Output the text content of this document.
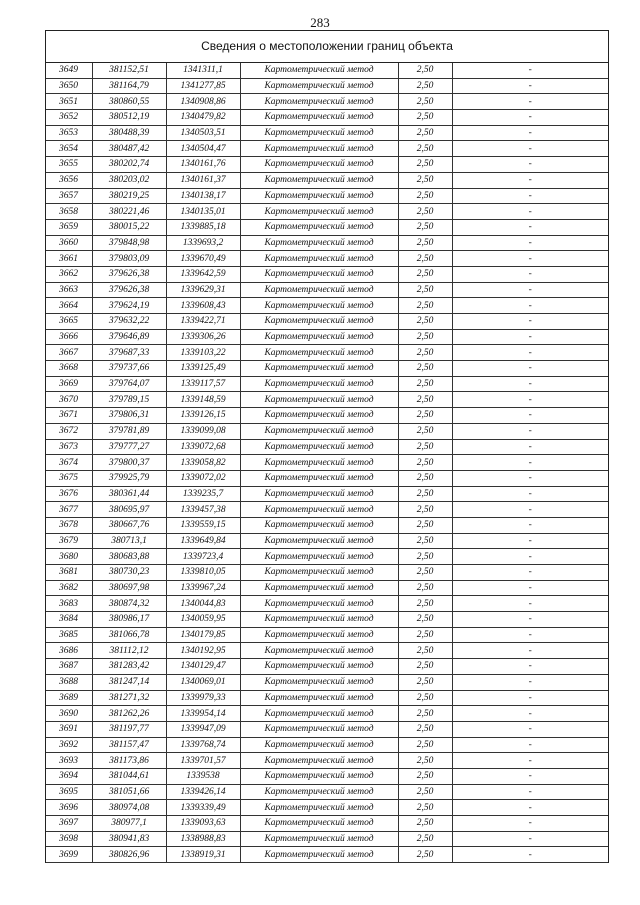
283
Сведения о местоположении границ объекта
3649	381152,51	1341311,1	Картометрический метод	2,50	-
3650	381164,79	1341277,85	Картометрический метод	2,50	-
3651	380860,55	1340908,86	Картометрический метод	2,50	-
3652	380512,19	1340479,82	Картометрический метод	2,50	-
3653	380488,39	1340503,51	Картометрический метод	2,50	-
3654	380487,42	1340504,47	Картометрический метод	2,50	-
3655	380202,74	1340161,76	Картометрический метод	2,50	-
3656	380203,02	1340161,37	Картометрический метод	2,50	-
3657	380219,25	1340138,17	Картометрический метод	2,50	-
3658	380221,46	1340135,01	Картометрический метод	2,50	-
3659	380015,22	1339885,18	Картометрический метод	2,50	-
3660	379848,98	1339693,2	Картометрический метод	2,50	-
3661	379803,09	1339670,49	Картометрический метод	2,50	-
3662	379626,38	1339642,59	Картометрический метод	2,50	-
3663	379626,38	1339629,31	Картометрический метод	2,50	-
3664	379624,19	1339608,43	Картометрический метод	2,50	-
3665	379632,22	1339422,71	Картометрический метод	2,50	-
3666	379646,89	1339306,26	Картометрический метод	2,50	-
3667	379687,33	1339103,22	Картометрический метод	2,50	-
3668	379737,66	1339125,49	Картометрический метод	2,50	-
3669	379764,07	1339117,57	Картометрический метод	2,50	-
3670	379789,15	1339148,59	Картометрический метод	2,50	-
3671	379806,31	1339126,15	Картометрический метод	2,50	-
3672	379781,89	1339099,08	Картометрический метод	2,50	-
3673	379777,27	1339072,68	Картометрический метод	2,50	-
3674	379800,37	1339058,82	Картометрический метод	2,50	-
3675	379925,79	1339072,02	Картометрический метод	2,50	-
3676	380361,44	1339235,7	Картометрический метод	2,50	-
3677	380695,97	1339457,38	Картометрический метод	2,50	-
3678	380667,76	1339559,15	Картометрический метод	2,50	-
3679	380713,1	1339649,84	Картометрический метод	2,50	-
3680	380683,88	1339723,4	Картометрический метод	2,50	-
3681	380730,23	1339810,05	Картометрический метод	2,50	-
3682	380697,98	1339967,24	Картометрический метод	2,50	-
3683	380874,32	1340044,83	Картометрический метод	2,50	-
3684	380986,17	1340059,95	Картометрический метод	2,50	-
3685	381066,78	1340179,85	Картометрический метод	2,50	-
3686	381112,12	1340192,95	Картометрический метод	2,50	-
3687	381283,42	1340129,47	Картометрический метод	2,50	-
3688	381247,14	1340069,01	Картометрический метод	2,50	-
3689	381271,32	1339979,33	Картометрический метод	2,50	-
3690	381262,26	1339954,14	Картометрический метод	2,50	-
3691	381197,77	1339947,09	Картометрический метод	2,50	-
3692	381157,47	1339768,74	Картометрический метод	2,50	-
3693	381173,86	1339701,57	Картометрический метод	2,50	-
3694	381044,61	1339538	Картометрический метод	2,50	-
3695	381051,66	1339426,14	Картометрический метод	2,50	-
3696	380974,08	1339339,49	Картометрический метод	2,50	-
3697	380977,1	1339093,63	Картометрический метод	2,50	-
3698	380941,83	1338988,83	Картометрический метод	2,50	-
3699	380826,96	1338919,31	Картометрический метод	2,50	-
